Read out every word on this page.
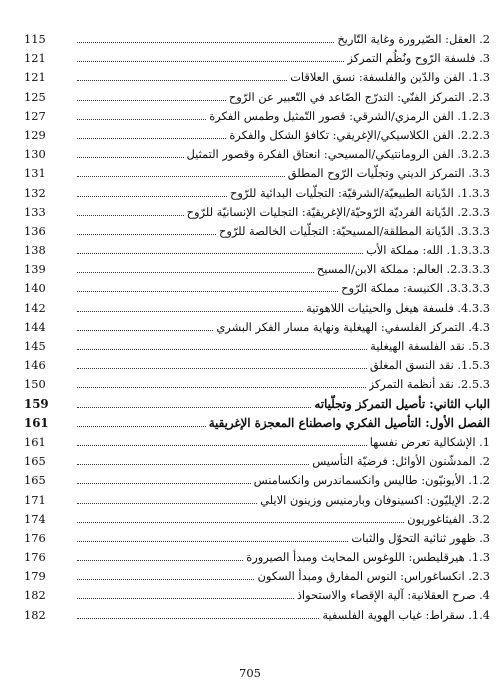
115	2. العقل: الصّيرورة وغاية التّاريخ
121	3. فلسفة الرّوح ونُظُم التمركز
121	1.3. الفن والدّين والفلسفة: نسق العلاقات
125	2.3. التمركز الفنّي: التدرّج الصّاعد في التّعبير عن الرّوح
127	1.2.3. الفن الرمزي/الشرقي: قصور التّمثيل وطمس الفكرة
129	2.2.3. الفن الكلاسيكي/الإغريقي: تكافؤ الشكل والفكرة
130	3.2.3. الفن الرومانتيكي/المسيحي: انعتاق الفكرة وقصور التمثيل
131	3.3. التمركز الديني وتجلّيات الرّوح المطلق
132	1.3.3. الدّيانة الطبيعيّة/الشرقيّة: التجلّيات البدائية للرّوح
133	2.3.3. الدّيانة الفرديّة الرّوحيّة/الإغريقيّة: التجليات الإنسانيّة للرّوح
136	3.3.3. الدّيانة المطلقة/المسيحيّة: التجلّيات الخالصة للرّوح
138	1.3.3.3. الله: مملكة الأب
139	2.3.3.3. العالم: مملكة الابن/المسيح
140	3.3.3.3. الكنيسة: مملكة الرّوح
142	4.3.3. فلسفة هيغل والحيثيات اللاهوتية
144	4.3. التمركز الفلسفي: الهيغلية ونهاية مسار الفكر البشري
145	5.3. نقد الفلسفة الهيغلية
146	1.5.3. نقد النسق المغلق
150	2.5.3. نقد أنظمة التمركز
159	الباب الثاني: تأصيل التمركز وتجلّياته
161	الفصل الأول: التأصيل الفكري واصطناع المعجزة الإغريقية
161	1. الإشكالية تعرض نفسها
165	2. المدشّنون الأوائل: فرضيّة التأسيس
165	1.2. الأيونيّون: طاليس وانكسماندرس وانكسامنس
171	2.2. الإيليّون: اكسينوفان وبارمنيس وزينون الايلي
174	3.2. الفيثاغوريون
176	3. ظهور ثنائية التحوّل والثبات
176	1.3. هيرقليطس: اللوغوس المحايث ومبدأ الصيرورة
179	2.3. انكساغوراس: النوس المفارق ومبدأ السكون
182	4. صرح العقلانية: آلية الإقصاء والاستحواذ
182	1.4. سقراط: غياب الهوية الفلسفية
705
